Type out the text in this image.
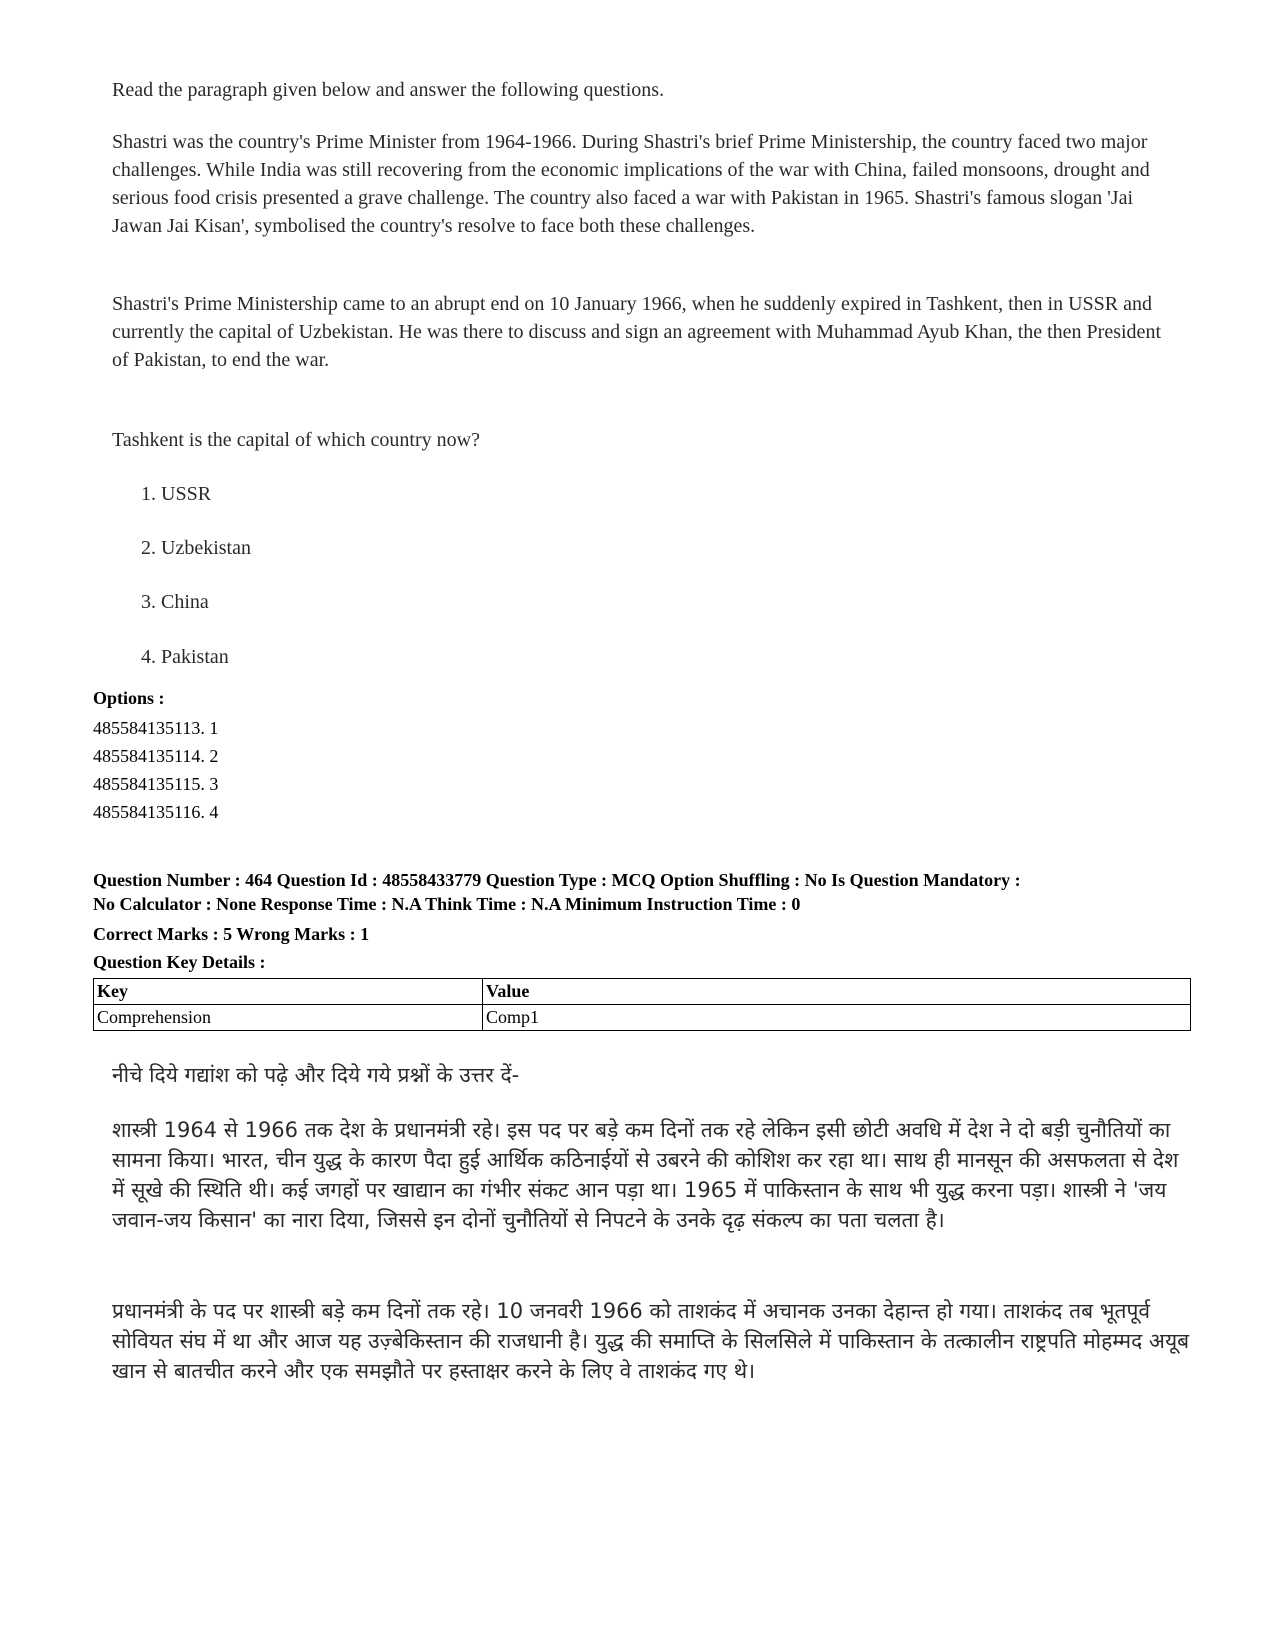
Read the paragraph given below and answer the following questions.
Shastri was the country's Prime Minister from 1964-1966. During Shastri's brief Prime Ministership, the country faced two major challenges. While India was still recovering from the economic implications of the war with China, failed monsoons, drought and serious food crisis presented a grave challenge. The country also faced a war with Pakistan in 1965. Shastri's famous slogan 'Jai Jawan Jai Kisan', symbolised the country's resolve to face both these challenges.
Shastri's Prime Ministership came to an abrupt end on 10 January 1966, when he suddenly expired in Tashkent, then in USSR and currently the capital of Uzbekistan. He was there to discuss and sign an agreement with Muhammad Ayub Khan, the then President of Pakistan, to end the war.
Tashkent is the capital of which country now?
1. USSR
2. Uzbekistan
3. China
4. Pakistan
Options :
485584135113. 1
485584135114. 2
485584135115. 3
485584135116. 4
Question Number : 464 Question Id : 48558433779 Question Type : MCQ Option Shuffling : No Is Question Mandatory :
No Calculator : None Response Time : N.A Think Time : N.A Minimum Instruction Time : 0
Correct Marks : 5 Wrong Marks : 1
Question Key Details :
Key	Value
Comprehension	Comp1
नीचे दिये गद्यांश को पढ़े और दिये गये प्रश्नों के उत्तर दें-
शास्त्री 1964 से 1966 तक देश के प्रधानमंत्री रहे। इस पद पर बड़े कम दिनों तक रहे लेकिन इसी छोटी अवधि में देश ने दो बड़ी चुनौतियों का सामना किया। भारत, चीन युद्ध के कारण पैदा हुई आर्थिक कठिनाईयों से उबरने की कोशिश कर रहा था। साथ ही मानसून की असफलता से देश में सूखे की स्थिति थी। कई जगहों पर खाद्यान का गंभीर संकट आन पड़ा था। 1965 में पाकिस्तान के साथ भी युद्ध करना पड़ा। शास्त्री ने 'जय जवान-जय किसान' का नारा दिया, जिससे इन दोनों चुनौतियों से निपटने के उनके दृढ़ संकल्प का पता चलता है।
प्रधानमंत्री के पद पर शास्त्री बड़े कम दिनों तक रहे। 10 जनवरी 1966 को ताशकंद में अचानक उनका देहान्त हो गया। ताशकंद तब भूतपूर्व सोवियत संघ में था और आज यह उज़्बेकिस्तान की राजधानी है। युद्ध की समाप्ति के सिलसिले में पाकिस्तान के तत्कालीन राष्ट्रपति मोहम्मद अयूब खान से बातचीत करने और एक समझौते पर हस्ताक्षर करने के लिए वे ताशकंद गए थे।
